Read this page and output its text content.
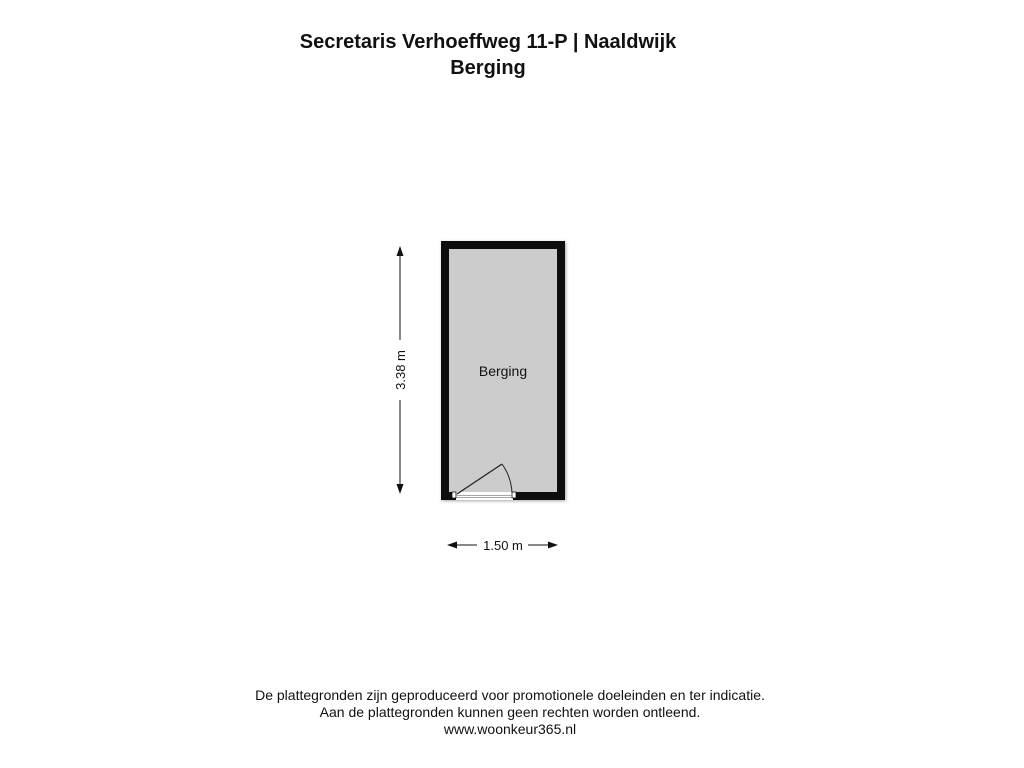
Secretaris Verhoeffweg 11-P | Naaldwijk
Berging
Berging
3.38 m
1.50 m
De plattegronden zijn geproduceerd voor promotionele doeleinden en ter indicatie.
Aan de plattegronden kunnen geen rechten worden ontleend.
www.woonkeur365.nl
